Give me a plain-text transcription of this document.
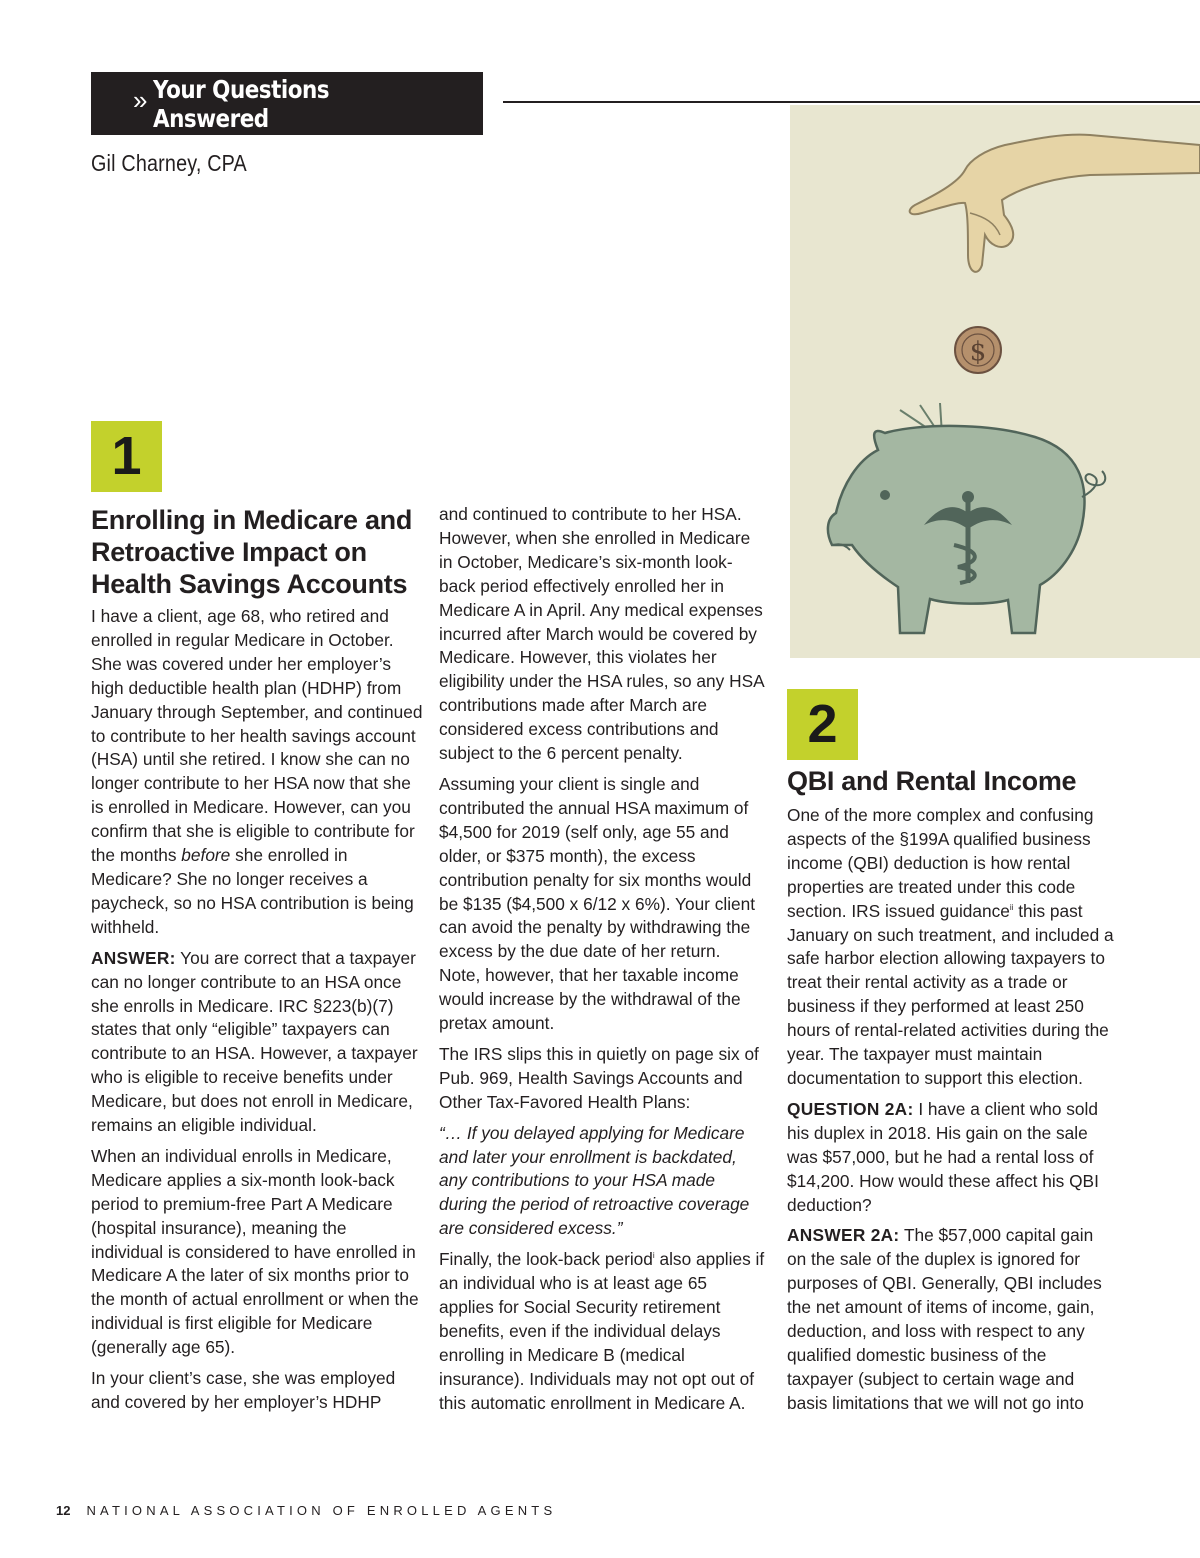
» Your Questions Answered
Gil Charney, CPA
$
1
Enrolling in Medicare and Retroactive Impact on Health Savings Accounts

I have a client, age 68, who retired and enrolled in regular Medicare in October. She was covered under her employer’s high deductible health plan (HDHP) from January through September, and continued to contribute to her health savings account (HSA) until she retired. I know she can no longer contribute to her HSA now that she is enrolled in Medicare. However, can you confirm that she is eligible to contribute for the months before she enrolled in Medicare? She no longer receives a paycheck, so no HSA contribution is being withheld.

ANSWER: You are correct that a taxpayer can no longer contribute to an HSA once she enrolls in Medicare. IRC §223(b)(7) states that only “eligible” taxpayers can contribute to an HSA. However, a taxpayer who is eligible to receive benefits under Medicare, but does not enroll in Medicare, remains an eligible individual.

When an individual enrolls in Medicare, Medicare applies a six-month look-back period to premium-free Part A Medicare (hospital insurance), meaning the individual is considered to have enrolled in Medicare A the later of six months prior to the month of actual enrollment or when the individual is first eligible for Medicare (generally age 65).

In your client’s case, she was employed and covered by her employer’s HDHP

and continued to contribute to her HSA. However, when she enrolled in Medicare in October, Medicare’s six-month look-back period effectively enrolled her in Medicare A in April. Any medical expenses incurred after March would be covered by Medicare. However, this violates her eligibility under the HSA rules, so any HSA contributions made after March are considered excess contributions and subject to the 6 percent penalty.

Assuming your client is single and contributed the annual HSA maximum of $4,500 for 2019 (self only, age 55 and older, or $375 month), the excess contribution penalty for six months would be $135 ($4,500 x 6/12 x 6%). Your client can avoid the penalty by withdrawing the excess by the due date of her return. Note, however, that her taxable income would increase by the withdrawal of the pretax amount.

The IRS slips this in quietly on page six of Pub. 969, Health Savings Accounts and Other Tax-Favored Health Plans:

“… If you delayed applying for Medicare and later your enrollment is backdated, any contributions to your HSA made during the period of retroactive coverage are considered excess.”

Finally, the look-back period$^i$ also applies if an individual who is at least age 65 applies for Social Security retirement benefits, even if the individual delays enrolling in Medicare B (medical insurance). Individuals may not opt out of this automatic enrollment in Medicare A.

2
QBI and Rental Income

One of the more complex and confusing aspects of the §199A qualified business income (QBI) deduction is how rental properties are treated under this code section. IRS issued guidance$^{ii}$ this past January on such treatment, and included a safe harbor election allowing taxpayers to treat their rental activity as a trade or business if they performed at least 250 hours of rental-related activities during the year. The taxpayer must maintain documentation to support this election.

QUESTION 2A: I have a client who sold his duplex in 2018. His gain on the sale was $57,000, but he had a rental loss of $14,200. How would these affect his QBI deduction?

ANSWER 2A: The $57,000 capital gain on the sale of the duplex is ignored for purposes of QBI. Generally, QBI includes the net amount of items of income, gain, deduction, and loss with respect to any qualified domestic business of the taxpayer (subject to certain wage and basis limitations that we will not go into

12 NATIONAL ASSOCIATION OF ENROLLED AGENTS
